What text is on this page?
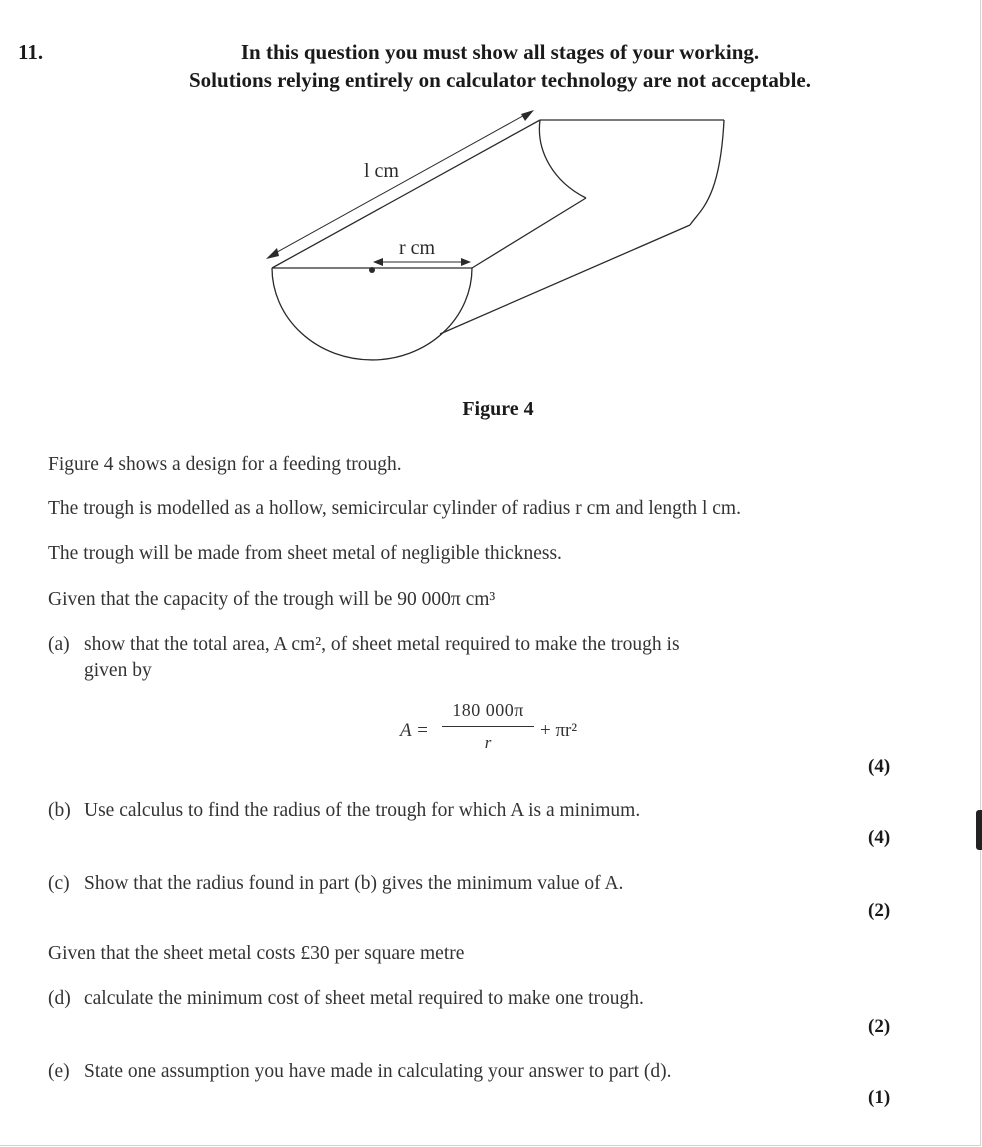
11.	In this question you must show all stages of your working.
Solutions relying entirely on calculator technology are not acceptable.
l cm
r cm
Figure 4
Figure 4 shows a design for a feeding trough.
The trough is modelled as a hollow, semicircular cylinder of radius r cm and length l cm.
The trough will be made from sheet metal of negligible thickness.
Given that the capacity of the trough will be 90 000π cm³
(a) show that the total area, A cm², of sheet metal required to make the trough is
given by
A =
180 000π
r
+ πr²
(4)
(b) Use calculus to find the radius of the trough for which A is a minimum.
(4)
(c) Show that the radius found in part (b) gives the minimum value of A.
(2)
Given that the sheet metal costs £30 per square metre
(d) calculate the minimum cost of sheet metal required to make one trough.
(2)
(e) State one assumption you have made in calculating your answer to part (d).
(1)
